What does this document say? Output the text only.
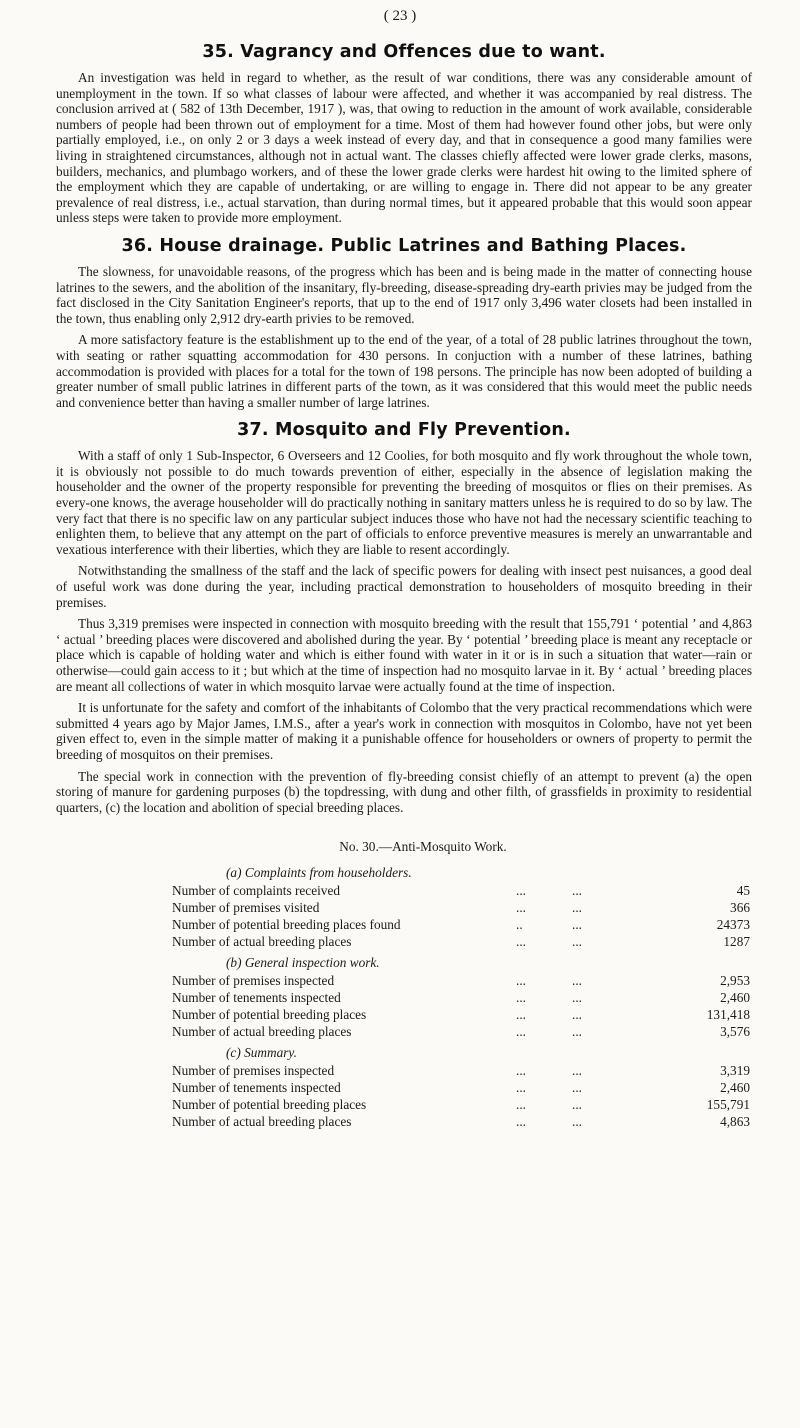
( 23 )
35. Vagrancy and Offences due to want.

An investigation was held in regard to whether, as the result of war conditions, there was any considerable amount of unemployment in the town. If so what classes of labour were affected, and whether it was accompanied by real distress. The conclusion arrived at ( 582 of 13th December, 1917 ), was, that owing to reduction in the amount of work available, considerable numbers of people had been thrown out of employment for a time. Most of them had however found other jobs, but were only partially employed, i.e., on only 2 or 3 days a week instead of every day, and that in consequence a good many families were living in straightened circumstances, although not in actual want. The classes chiefly affected were lower grade clerks, masons, builders, mechanics, and plumbago workers, and of these the lower grade clerks were hardest hit owing to the limited sphere of the employment which they are capable of undertaking, or are willing to engage in. There did not appear to be any greater prevalence of real distress, i.e., actual starvation, than during normal times, but it appeared probable that this would soon appear unless steps were taken to provide more employment.

36. House drainage. Public Latrines and Bathing Places.

The slowness, for unavoidable reasons, of the progress which has been and is being made in the matter of connecting house latrines to the sewers, and the abolition of the insanitary, fly-breeding, disease-spreading dry-earth privies may be judged from the fact disclosed in the City Sanitation Engineer's reports, that up to the end of 1917 only 3,496 water closets had been installed in the town, thus enabling only 2,912 dry-earth privies to be removed.

A more satisfactory feature is the establishment up to the end of the year, of a total of 28 public latrines throughout the town, with seating or rather squatting accommodation for 430 persons. In conjuction with a number of these latrines, bathing accommodation is provided with places for a total for the town of 198 persons. The principle has now been adopted of building a greater number of small public latrines in different parts of the town, as it was considered that this would meet the public needs and convenience better than having a smaller number of large latrines.

37. Mosquito and Fly Prevention.

With a staff of only 1 Sub-Inspector, 6 Overseers and 12 Coolies, for both mosquito and fly work throughout the whole town, it is obviously not possible to do much towards prevention of either, especially in the absence of legislation making the householder and the owner of the property responsible for preventing the breeding of mosquitos or flies on their premises. As every-one knows, the average householder will do practically nothing in sanitary matters unless he is required to do so by law. The very fact that there is no specific law on any particular subject induces those who have not had the necessary scientific teaching to enlighten them, to believe that any attempt on the part of officials to enforce preventive measures is merely an unwarrantable and vexatious interference with their liberties, which they are liable to resent accordingly.

Notwithstanding the smallness of the staff and the lack of specific powers for dealing with insect pest nuisances, a good deal of useful work was done during the year, including practical demonstration to householders of mosquito breeding in their premises.

Thus 3,319 premises were inspected in connection with mosquito breeding with the result that 155,791 ‘ potential ’ and 4,863 ‘ actual ’ breeding places were discovered and abolished during the year. By ‘ potential ’ breeding place is meant any receptacle or place which is capable of holding water and which is either found with water in it or is in such a situation that water—rain or otherwise—could gain access to it ; but which at the time of inspection had no mosquito larvae in it. By ‘ actual ’ breeding places are meant all collections of water in which mosquito larvae were actually found at the time of inspection.

It is unfortunate for the safety and comfort of the inhabitants of Colombo that the very practical recommendations which were submitted 4 years ago by Major James, I.M.S., after a year's work in connection with mosquitos in Colombo, have not yet been given effect to, even in the simple matter of making it a punishable offence for householders or owners of property to permit the breeding of mosquitos on their premises.

The special work in connection with the prevention of fly-breeding consist chiefly of an attempt to prevent (a) the open storing of manure for gardening purposes (b) the topdressing, with dung and other filth, of grassfields in proximity to residential quarters, (c) the location and abolition of special breeding places.

No. 30.—Anti-Mosquito Work.
(a) Complaints from householders.
Number of complaints received	...	...	45
Number of premises visited	...	...	366
Number of potential breeding places found	..	...	24373
Number of actual breeding places	...	...	1287
(b) General inspection work.
Number of premises inspected	...	...	2,953
Number of tenements inspected	...	...	2,460
Number of potential breeding places	...	...	131,418
Number of actual breeding places	...	...	3,576
(c) Summary.
Number of premises inspected	...	...	3,319
Number of tenements inspected	...	...	2,460
Number of potential breeding places	...	...	155,791
Number of actual breeding places	...	...	4,863
